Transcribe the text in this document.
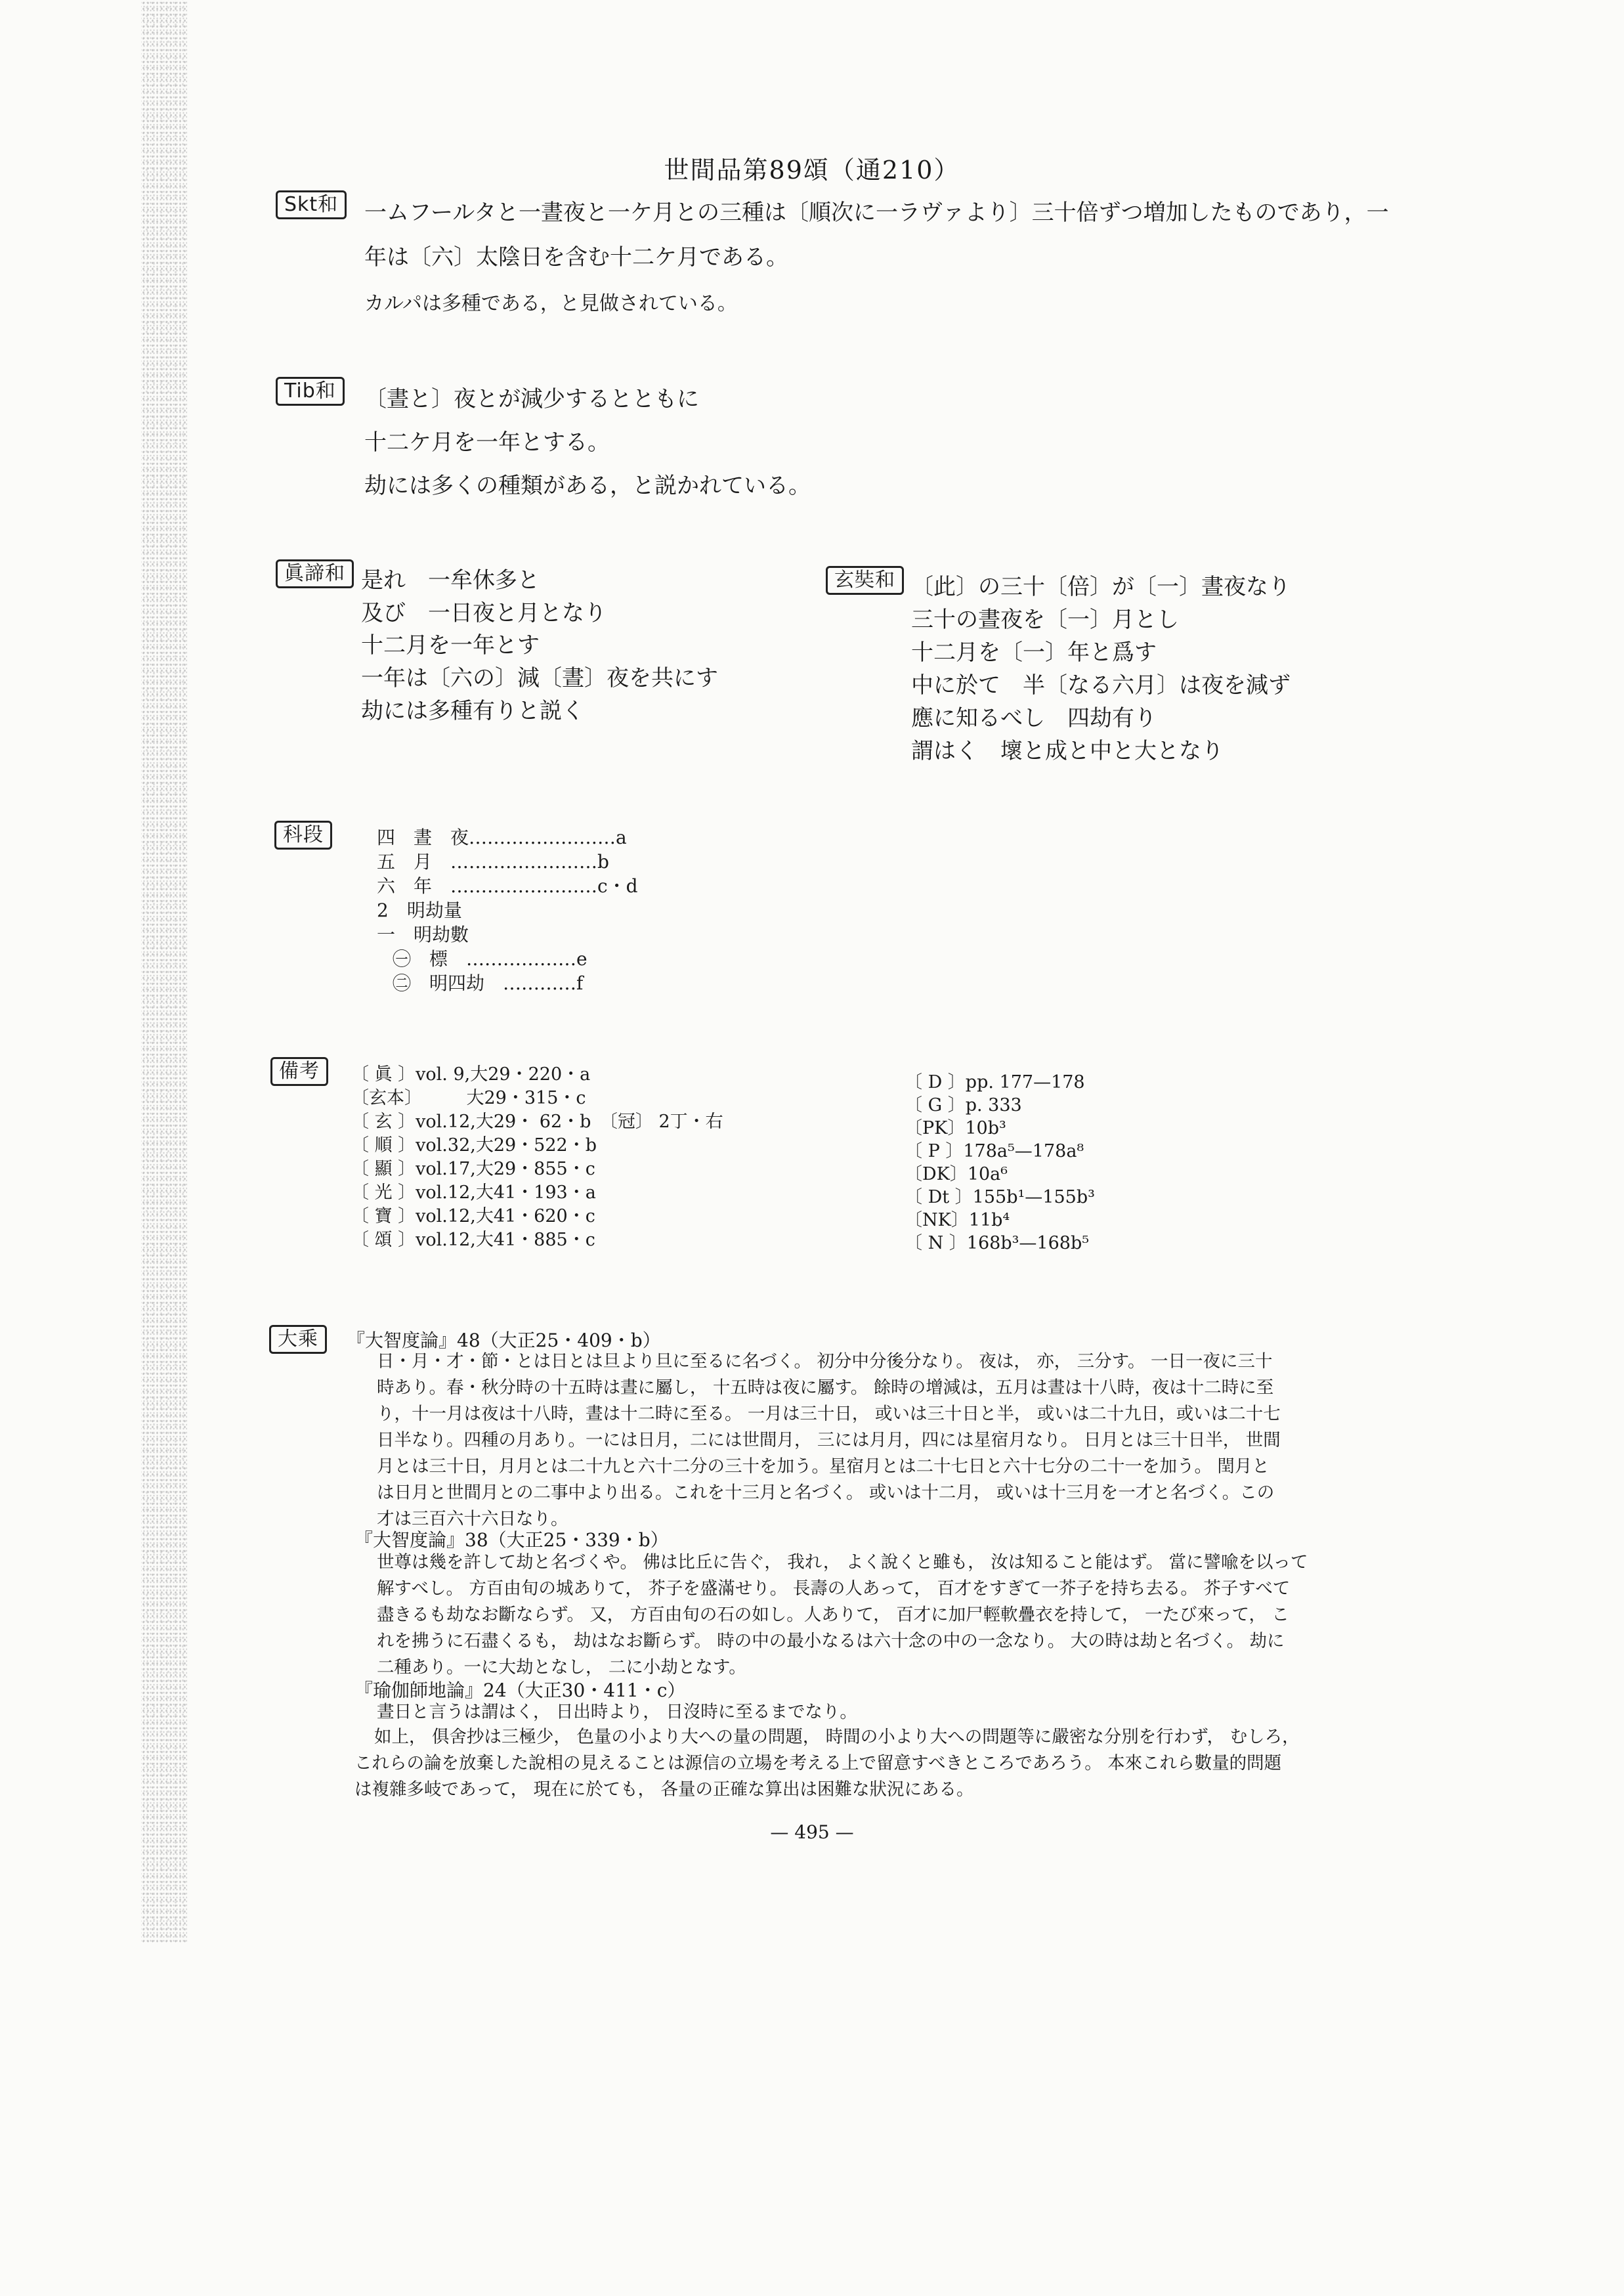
世間品第89頌（通210）
Skt和	一ムフールタと一晝夜と一ケ月との三種は〔順次に一ラヴァより〕三十倍ずつ増加したものであり，一
年は〔六〕太陰日を含む十二ケ月である。
カルパは多種である，と見做されている。
Tib和	〔晝と〕夜とが減少するとともに
十二ケ月を一年とする。
劫には多くの種類がある，と説かれている。
眞諦和 是れ　一牟休多と
及び　一日夜と月となり
十二月を一年とす
一年は〔六の〕減〔晝〕夜を共にす
劫には多種有りと説く
玄奘和 〔此〕の三十〔倍〕が〔一〕晝夜なり
三十の晝夜を〔一〕月とし
十二月を〔一〕年と爲す
中に於て　半〔なる六月〕は夜を減ず
應に知るべし　四劫有り
謂はく　壞と成と中と大となり
科段	四　晝　夜……………………a
五　月　……………………b
六　年　……………………c・d
2　明劫量
一　明劫數
㊀　標　………………e
㊁　明四劫　…………f
備考	〔 眞 〕vol. 9,大29・220・a
〔玄本〕　　　大29・315・c
〔 玄 〕vol.12,大29・ 62・b　〔冠〕 2丁・右
〔 順 〕vol.32,大29・522・b
〔 顯 〕vol.17,大29・855・c
〔 光 〕vol.12,大41・193・a
〔 寶 〕vol.12,大41・620・c
〔 頌 〕vol.12,大41・885・c
〔 D 〕pp. 177—178
〔 G 〕p. 333
〔PK〕10b³
〔 P 〕178a⁵—178a⁸
〔DK〕10a⁶
〔 Dt 〕155b¹—155b³
〔NK〕11b⁴
〔 N 〕168b³—168b⁵
大乘	『大智度論』48（大正25・409・b）
日・月・才・節・とは日とは旦より旦に至るに名づく。 初分中分後分なり。 夜は， 亦， 三分す。 一日一夜に三十
時あり。春・秋分時の十五時は晝に屬し， 十五時は夜に屬す。 餘時の增減は，五月は晝は十八時，夜は十二時に至
り，十一月は夜は十八時，晝は十二時に至る。 一月は三十日， 或いは三十日と半， 或いは二十九日，或いは二十七
日半なり。四種の月あり。一には日月，二には世間月， 三には月月，四には星宿月なり。 日月とは三十日半， 世間
月とは三十日，月月とは二十九と六十二分の三十を加う。星宿月とは二十七日と六十七分の二十一を加う。 閏月と
は日月と世間月との二事中より出る。これを十三月と名づく。 或いは十二月， 或いは十三月を一才と名づく。この
才は三百六十六日なり。
『大智度論』38（大正25・339・b）
世尊は幾を許して劫と名づくや。 佛は比丘に告ぐ， 我れ， よく說くと雖も， 汝は知ること能はず。 當に譬喩を以って
解すべし。 方百由旬の城ありて， 芥子を盛滿せり。 長壽の人あって， 百才をすぎて一芥子を持ち去る。 芥子すべて
盡きるも劫なお斷ならず。 又， 方百由旬の石の如し。人ありて， 百才に加尸輕軟疊衣を持して， 一たび來って， こ
れを拂うに石盡くるも， 劫はなお斷らず。 時の中の最小なるは六十念の中の一念なり。 大の時は劫と名づく。 劫に
二種あり。一に大劫となし， 二に小劫となす。
『瑜伽師地論』24（大正30・411・c）
晝日と言うは謂はく， 日出時より， 日沒時に至るまでなり。
如上， 俱舍抄は三極少， 色量の小より大への量の問題， 時間の小より大への問題等に嚴密な分別を行わず， むしろ，
これらの論を放棄した說相の見えることは源信の立場を考える上で留意すべきところであろう。 本來これら數量的問題
は複雜多岐であって， 現在に於ても， 各量の正確な算出は困難な狀況にある。
— 495 —
